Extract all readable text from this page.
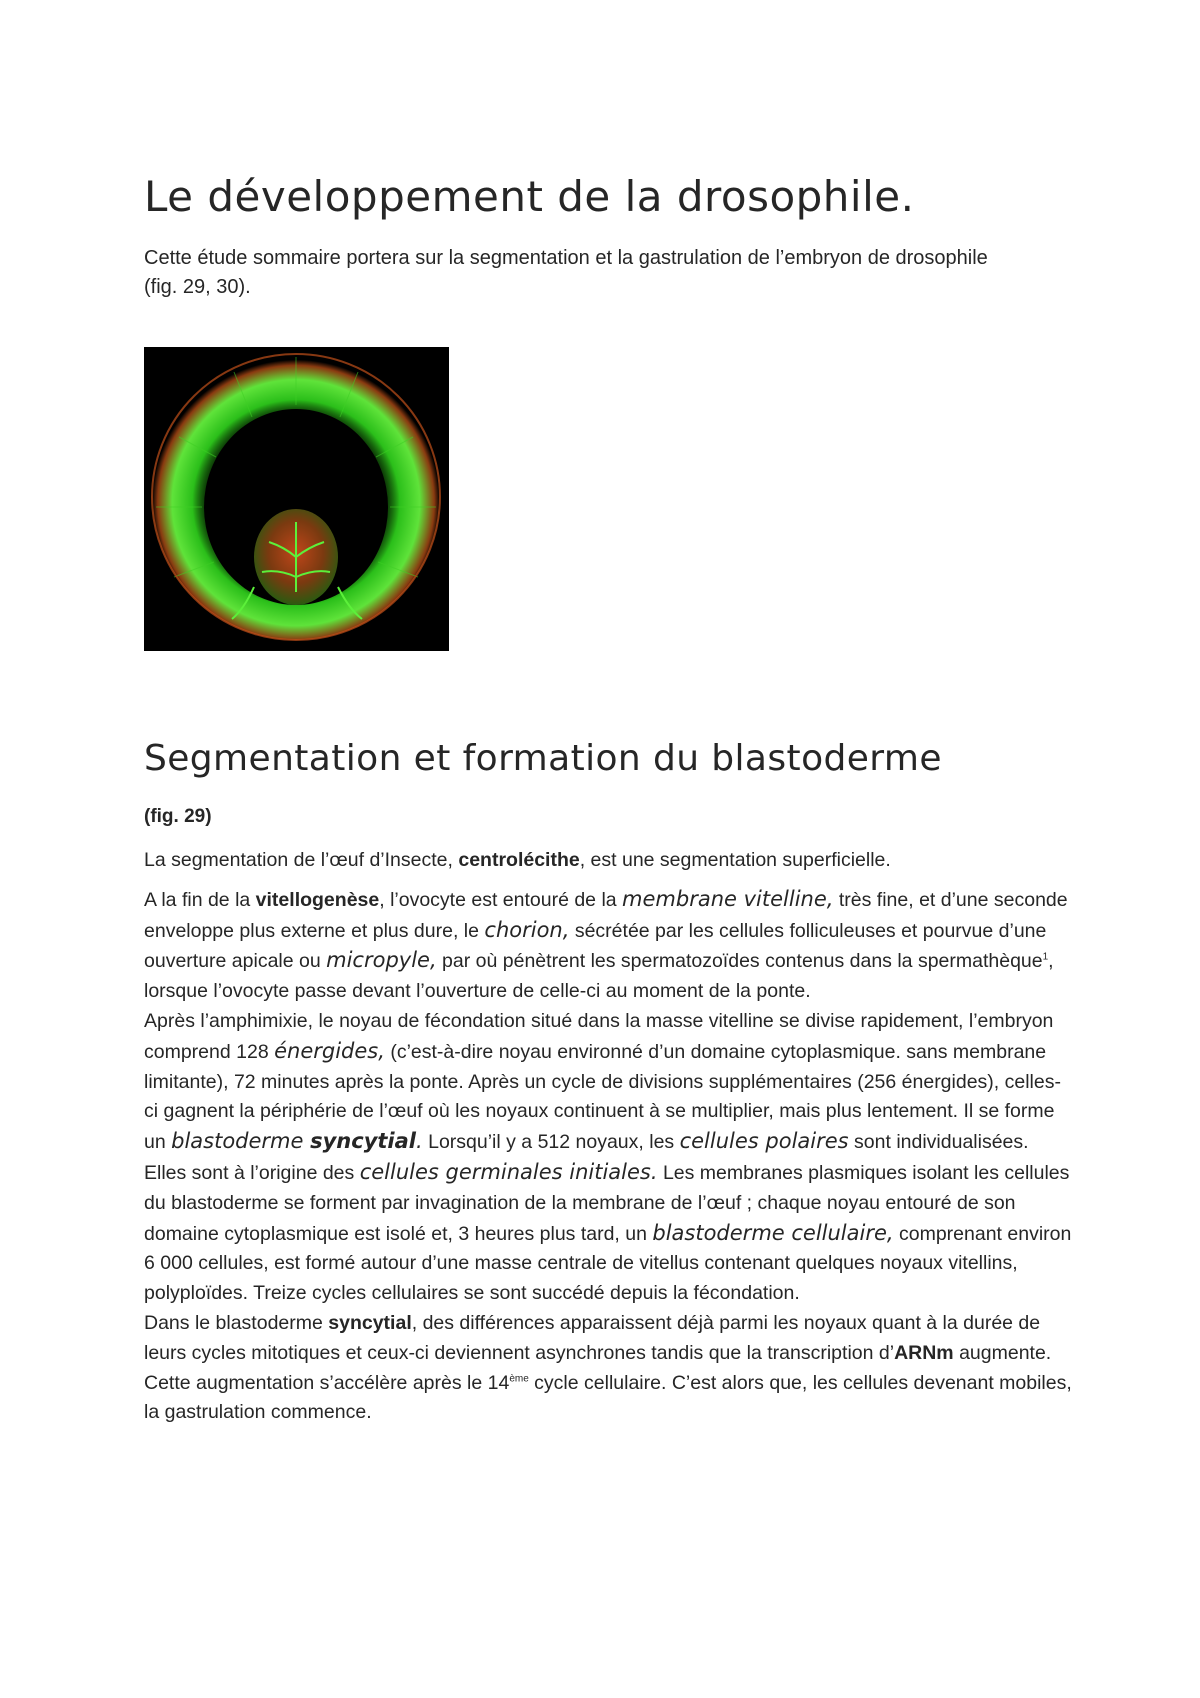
Le développement de la drosophile.

Cette étude sommaire portera sur la segmentation et la gastrulation de l’embryon de drosophile (fig. 29, 30).

Segmentation et formation du blastoderme

(fig. 29)

La segmentation de l’œuf d’Insecte, centrolécithe, est une segmentation superficielle.

A la fin de la vitellogenèse, l’ovocyte est entouré de la membrane vitelline, très fine, et d’une seconde enveloppe plus externe et plus dure, le chorion, sécrétée par les cellules folliculeuses et pourvue d’une ouverture apicale ou micropyle, par où pénètrent les spermatozoïdes contenus dans la spermathèque$^1$, lorsque l’ovocyte passe devant l’ouverture de celle-ci au moment de la ponte.

Après l’amphimixie, le noyau de fécondation situé dans la masse vitelline se divise rapidement, l’embryon comprend 128 énergides, (c’est-à-dire noyau environné d’un domaine cytoplasmique. sans membrane limitante), 72 minutes après la ponte. Après un cycle de divisions supplémentaires (256 énergides), celles-ci gagnent la périphérie de l’œuf où les noyaux continuent à se multiplier, mais plus lentement. Il se forme un blastoderme syncytial. Lorsqu’il y a 512 noyaux, les cellules polaires sont individualisées. Elles sont à l’origine des cellules germinales initiales. Les membranes plasmiques isolant les cellules du blastoderme se forment par invagination de la membrane de l’œuf ; chaque noyau entouré de son domaine cytoplasmique est isolé et, 3 heures plus tard, un blastoderme cellulaire, comprenant environ 6 000 cellules, est formé autour d’une masse centrale de vitellus contenant quelques noyaux vitellins, polyploïdes. Treize cycles cellulaires se sont succédé depuis la fécondation.

Dans le blastoderme syncytial, des différences apparaissent déjà parmi les noyaux quant à la durée de leurs cycles mitotiques et ceux-ci deviennent asynchrones tandis que la transcription d’ARNm augmente. Cette augmentation s’accélère après le 14ème cycle cellulaire. C’est alors que, les cellules devenant mobiles, la gastrulation commence.
